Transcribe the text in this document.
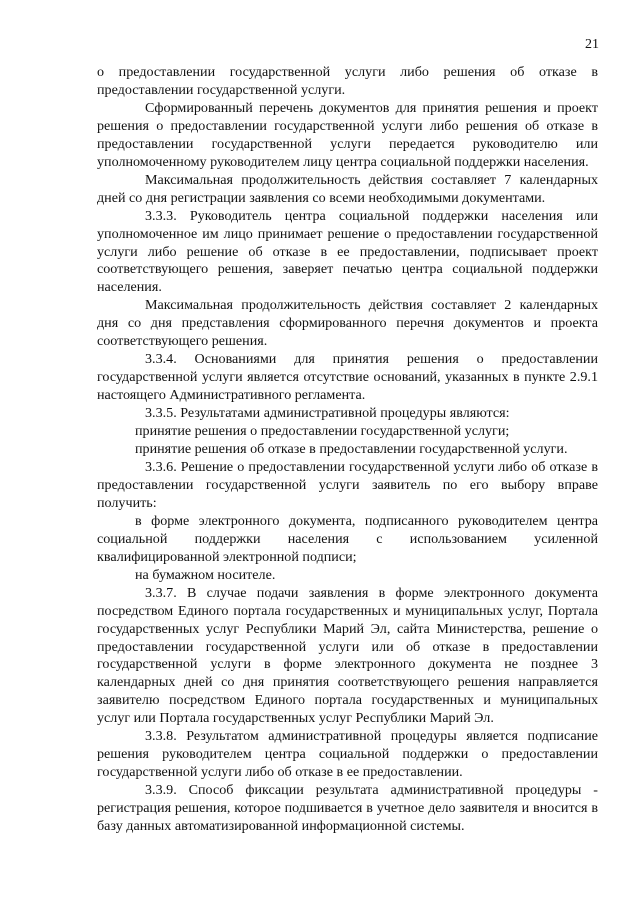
21

о предоставлении государственной услуги либо решения об отказе в предоставлении государственной услуги.

Сформированный перечень документов для принятия решения и проект решения о предоставлении государственной услуги либо решения об отказе в предоставлении государственной услуги передается руководителю или уполномоченному руководителем лицу центра социальной поддержки населения.

Максимальная продолжительность действия составляет 7 календарных дней со дня регистрации заявления со всеми необходимыми документами.

3.3.3. Руководитель центра социальной поддержки населения или уполномоченное им лицо принимает решение о предоставлении государственной услуги либо решение об отказе в ее предоставлении, подписывает проект соответствующего решения, заверяет печатью центра социальной поддержки населения.

Максимальная продолжительность действия составляет 2 календарных дня со дня представления сформированного перечня документов и проекта соответствующего решения.

3.3.4. Основаниями для принятия решения о предоставлении государственной услуги является отсутствие оснований, указанных в пункте 2.9.1 настоящего Административного регламента.

3.3.5. Результатами административной процедуры являются:

принятие решения о предоставлении государственной услуги;

принятие решения об отказе в предоставлении государственной услуги.

3.3.6. Решение о предоставлении государственной услуги либо об отказе в предоставлении государственной услуги заявитель по его выбору вправе получить:

в форме электронного документа, подписанного руководителем центра социальной поддержки населения с использованием усиленной квалифицированной электронной подписи;

на бумажном носителе.

3.3.7. В случае подачи заявления в форме электронного документа посредством Единого портала государственных и муниципальных услуг, Портала государственных услуг Республики Марий Эл, сайта Министерства, решение о предоставлении государственной услуги или об отказе в предоставлении государственной услуги в форме электронного документа не позднее 3 календарных дней со дня принятия соответствующего решения направляется заявителю посредством Единого портала государственных и муниципальных услуг или Портала государственных услуг Республики Марий Эл.

3.3.8. Результатом административной процедуры является подписание решения руководителем центра социальной поддержки о предоставлении государственной услуги либо об отказе в ее предоставлении.

3.3.9. Способ фиксации результата административной процедуры - регистрация решения, которое подшивается в учетное дело заявителя и вносится в базу данных автоматизированной информационной системы.
